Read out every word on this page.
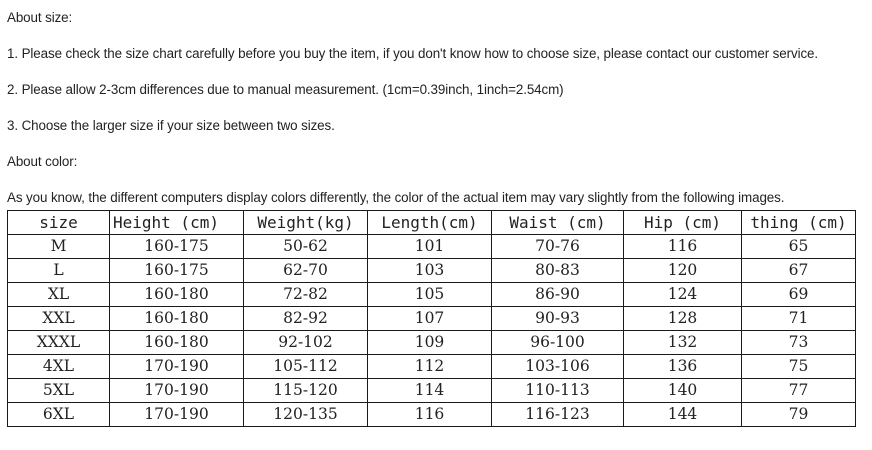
About size:
1. Please check the size chart carefully before you buy the item, if you don't know how to choose size, please contact our customer service.
2. Please allow 2-3cm differences due to manual measurement. (1cm=0.39inch, 1inch=2.54cm)
3. Choose the larger size if your size between two sizes.
About color:
As you know, the different computers display colors differently, the color of the actual item may vary slightly from the following images.
size	Height (cm)	Weight(kg)	Length(cm)	Waist (cm)	Hip (cm)	thing (cm)
M	160-175	50-62	101	70-76	116	65
L	160-175	62-70	103	80-83	120	67
XL	160-180	72-82	105	86-90	124	69
XXL	160-180	82-92	107	90-93	128	71
XXXL	160-180	92-102	109	96-100	132	73
4XL	170-190	105-112	112	103-106	136	75
5XL	170-190	115-120	114	110-113	140	77
6XL	170-190	120-135	116	116-123	144	79
